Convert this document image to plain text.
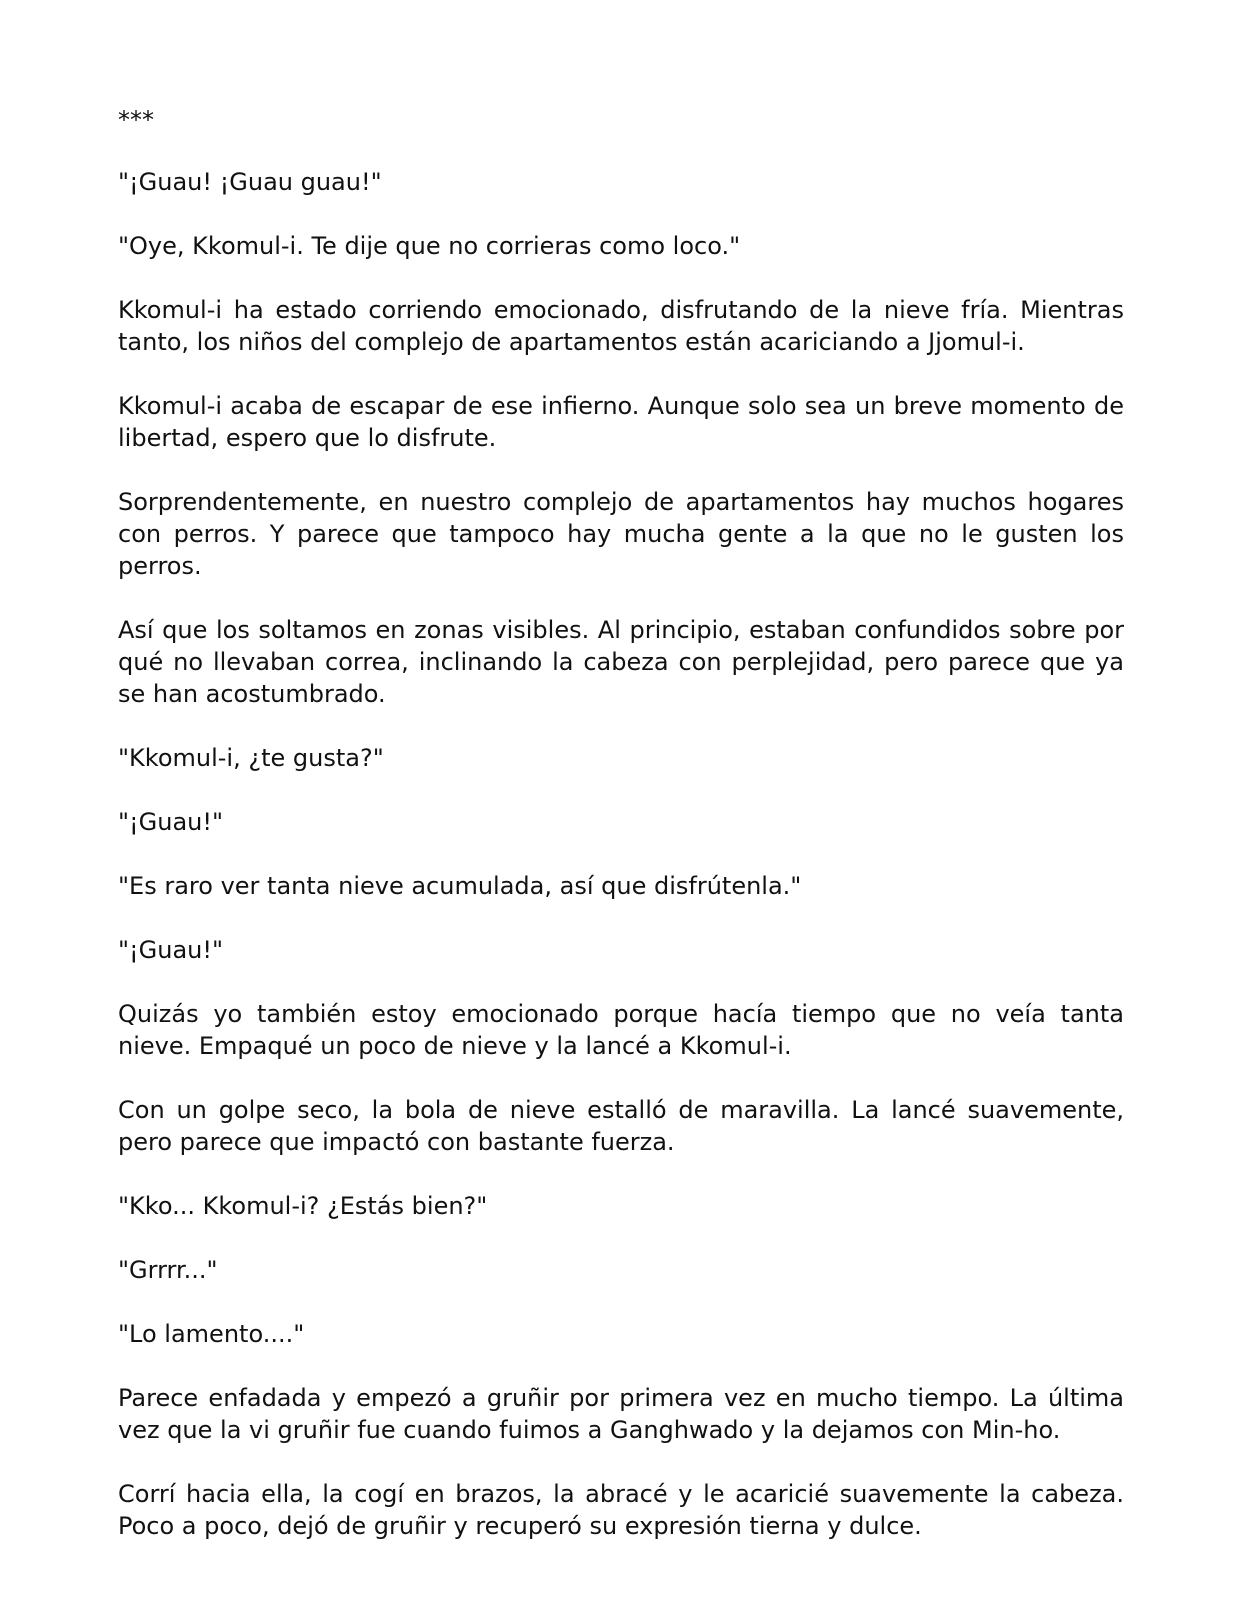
***

"¡Guau! ¡Guau guau!"

"Oye, Kkomul-i. Te dije que no corrieras como loco."

Kkomul-i ha estado corriendo emocionado, disfrutando de la nieve fría. Mientras tanto, los niños del complejo de apartamentos están acariciando a Jjomul-i.

Kkomul-i acaba de escapar de ese infierno. Aunque solo sea un breve momento de libertad, espero que lo disfrute.

Sorprendentemente, en nuestro complejo de apartamentos hay muchos hogares con perros. Y parece que tampoco hay mucha gente a la que no le gusten los perros.

Así que los soltamos en zonas visibles. Al principio, estaban confundidos sobre por qué no llevaban correa, inclinando la cabeza con perplejidad, pero parece que ya se han acostumbrado.

"Kkomul-i, ¿te gusta?"

"¡Guau!"

"Es raro ver tanta nieve acumulada, así que disfrútenla."

"¡Guau!"

Quizás yo también estoy emocionado porque hacía tiempo que no veía tanta nieve. Empaqué un poco de nieve y la lancé a Kkomul-i.

Con un golpe seco, la bola de nieve estalló de maravilla. La lancé suavemente, pero parece que impactó con bastante fuerza.

"Kko... Kkomul-i? ¿Estás bien?"

"Grrrr..."

"Lo lamento...."

Parece enfadada y empezó a gruñir por primera vez en mucho tiempo. La última vez que la vi gruñir fue cuando fuimos a Ganghwado y la dejamos con Min-ho.

Corrí hacia ella, la cogí en brazos, la abracé y le acaricié suavemente la cabeza. Poco a poco, dejó de gruñir y recuperó su expresión tierna y dulce.
